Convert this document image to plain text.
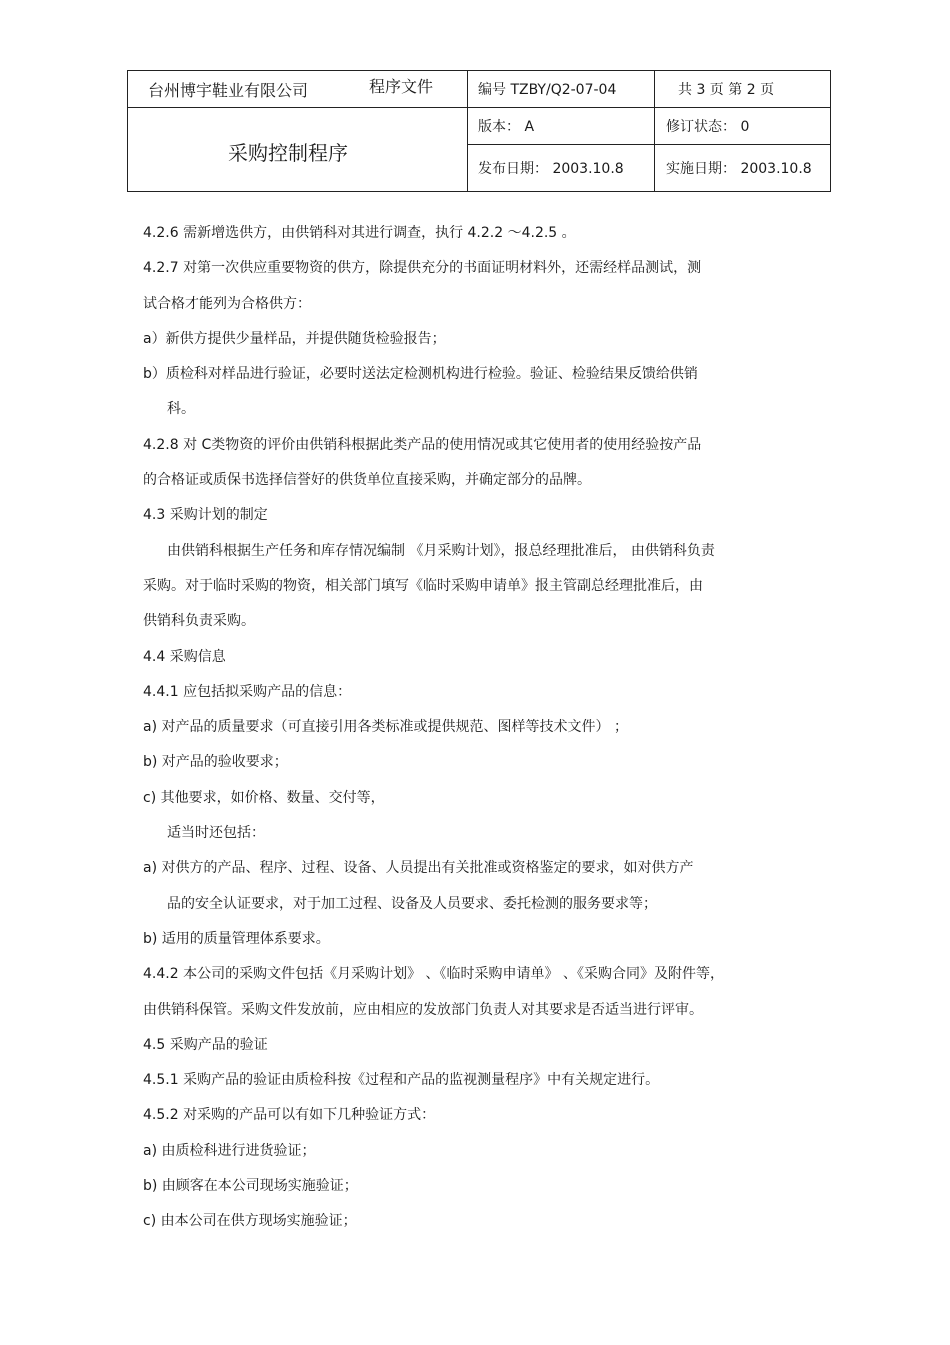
台州博宇鞋业有限公司	程序文件
采购控制程序
编号 TZBY/Q2-07-04	共 3 页 第 2 页
版本： A	修订状态： 0
发布日期： 2003.10.8	实施日期： 2003.10.8
4.2.6 需新增选供方，由供销科对其进行调查，执行 4.2.2 ～4.2.5 。
4.2.7 对第一次供应重要物资的供方，除提供充分的书面证明材料外，还需经样品测试，测
试合格才能列为合格供方：
a）新供方提供少量样品，并提供随货检验报告；
b）质检科对样品进行验证，必要时送法定检测机构进行检验。验证、检验结果反馈给供销
科。
4.2.8 对 C类物资的评价由供销科根据此类产品的使用情况或其它使用者的使用经验按产品
的合格证或质保书选择信誉好的供货单位直接采购，并确定部分的品牌。
4.3 采购计划的制定
由供销科根据生产任务和库存情况编制 《月采购计划》，报总经理批准后， 由供销科负责
采购。对于临时采购的物资，相关部门填写《临时采购申请单》报主管副总经理批准后，由
供销科负责采购。
4.4 采购信息
4.4.1 应包括拟采购产品的信息：
a) 对产品的质量要求（可直接引用各类标准或提供规范、图样等技术文件） ；
b) 对产品的验收要求；
c) 其他要求，如价格、数量、交付等，
适当时还包括：
a) 对供方的产品、程序、过程、设备、人员提出有关批准或资格鉴定的要求，如对供方产
品的安全认证要求，对于加工过程、设备及人员要求、委托检测的服务要求等；
b) 适用的质量管理体系要求。
4.4.2 本公司的采购文件包括《月采购计划》 、《临时采购申请单》 、《采购合同》及附件等，
由供销科保管。采购文件发放前，应由相应的发放部门负责人对其要求是否适当进行评审。
4.5 采购产品的验证
4.5.1 采购产品的验证由质检科按《过程和产品的监视测量程序》中有关规定进行。
4.5.2 对采购的产品可以有如下几种验证方式：
a) 由质检科进行进货验证；
b) 由顾客在本公司现场实施验证；
c) 由本公司在供方现场实施验证；
